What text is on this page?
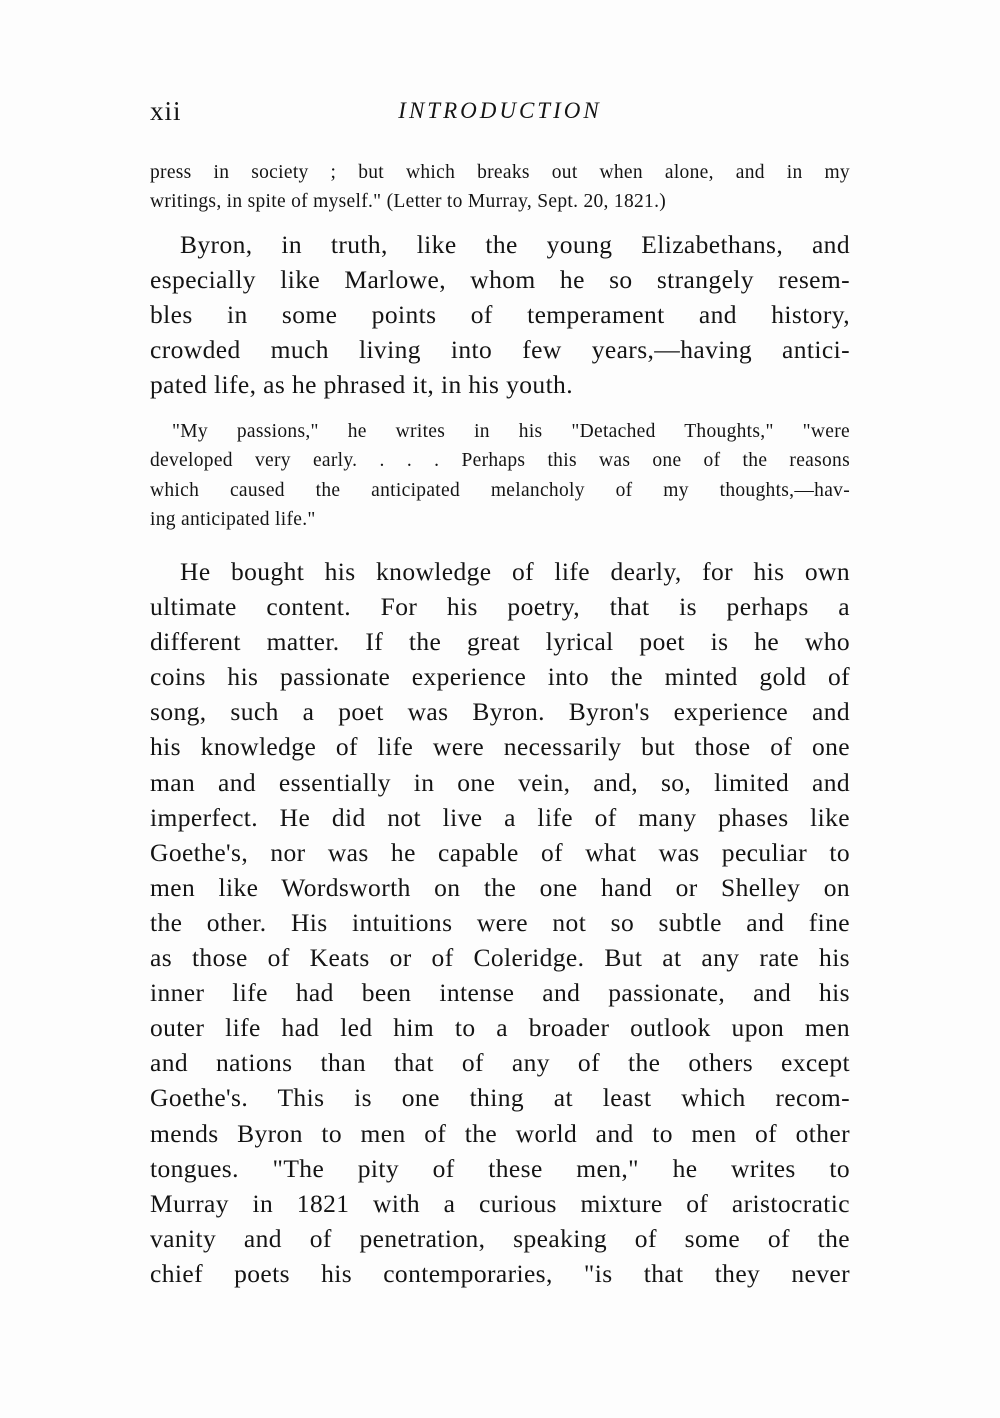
xii	INTRODUCTION
press in society ; but which breaks out when alone, and in my
writings, in spite of myself." (Letter to Murray, Sept. 20, 1821.)
Byron, in truth, like the young Elizabethans, and
especially like Marlowe, whom he so strangely resem-
bles in some points of temperament and history,
crowded much living into few years,—having antici-
pated life, as he phrased it, in his youth.
"My passions," he writes in his "Detached Thoughts," "were
developed very early. . . . Perhaps this was one of the reasons
which caused the anticipated melancholy of my thoughts,—hav-
ing anticipated life."
He bought his knowledge of life dearly, for his own
ultimate content. For his poetry, that is perhaps a
different matter. If the great lyrical poet is he who
coins his passionate experience into the minted gold of
song, such a poet was Byron. Byron's experience and
his knowledge of life were necessarily but those of one
man and essentially in one vein, and, so, limited and
imperfect. He did not live a life of many phases like
Goethe's, nor was he capable of what was peculiar to
men like Wordsworth on the one hand or Shelley on
the other. His intuitions were not so subtle and fine
as those of Keats or of Coleridge. But at any rate his
inner life had been intense and passionate, and his
outer life had led him to a broader outlook upon men
and nations than that of any of the others except
Goethe's. This is one thing at least which recom-
mends Byron to men of the world and to men of other
tongues. "The pity of these men," he writes to
Murray in 1821 with a curious mixture of aristocratic
vanity and of penetration, speaking of some of the
chief poets his contemporaries, "is that they never
